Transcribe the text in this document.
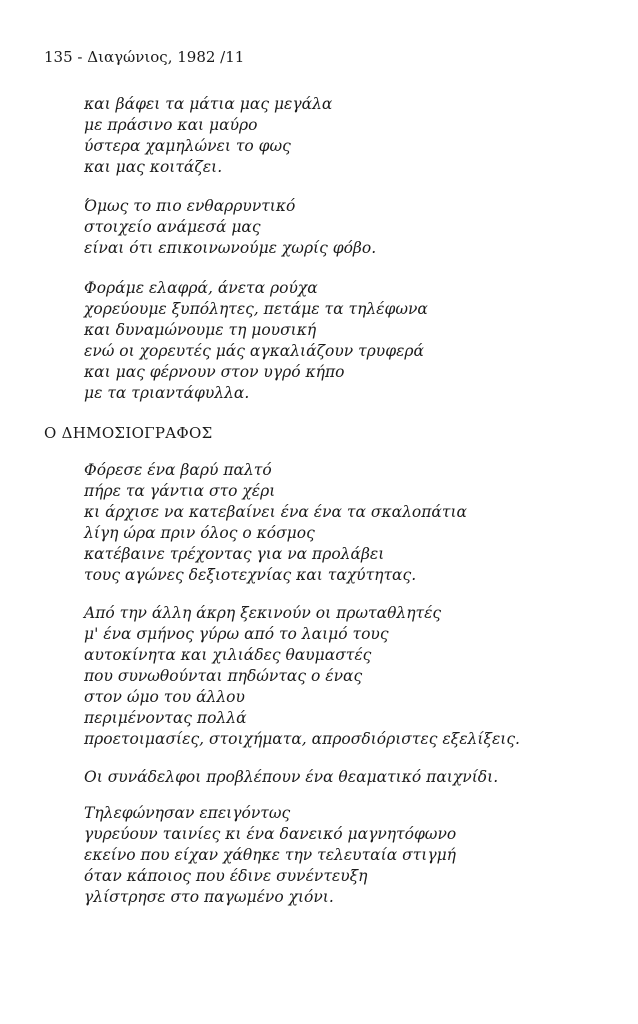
135 - Διαγώνιος, 1982 /11
και βάφει τα μάτια μας μεγάλα
με πράσινο και μαύρο
ύστερα χαμηλώνει το φως
και μας κοιτάζει.
Όμως το πιο ενθαρρυντικό
στοιχείο ανάμεσά μας
είναι ότι επικοινωνούμε χωρίς φόβο.
Φοράμε ελαφρά, άνετα ρούχα
χορεύουμε ξυπόλητες, πετάμε τα τηλέφωνα
και δυναμώνουμε τη μουσική
ενώ οι χορευτές μάς αγκαλιάζουν τρυφερά
και μας φέρνουν στον υγρό κήπο
με τα τριαντάφυλλα.
Ο ΔΗΜΟΣΙΟΓΡΑΦΟΣ
Φόρεσε ένα βαρύ παλτό
πήρε τα γάντια στο χέρι
κι άρχισε να κατεβαίνει ένα ένα τα σκαλοπάτια
λίγη ώρα πριν όλος ο κόσμος
κατέβαινε τρέχοντας για να προλάβει
τους αγώνες δεξιοτεχνίας και ταχύτητας.
Από την άλλη άκρη ξεκινούν οι πρωταθλητές
μ' ένα σμήνος γύρω από το λαιμό τους
αυτοκίνητα και χιλιάδες θαυμαστές
που συνωθούνται πηδώντας ο ένας
στον ώμο του άλλου
περιμένοντας πολλά
προετοιμασίες, στοιχήματα, απροσδιόριστες εξελίξεις.
Οι συνάδελφοι προβλέπουν ένα θεαματικό παιχνίδι.
Τηλεφώνησαν επειγόντως
γυρεύουν ταινίες κι ένα δανεικό μαγνητόφωνο
εκείνο που είχαν χάθηκε την τελευταία στιγμή
όταν κάποιος που έδινε συνέντευξη
γλίστρησε στο παγωμένο χιόνι.
